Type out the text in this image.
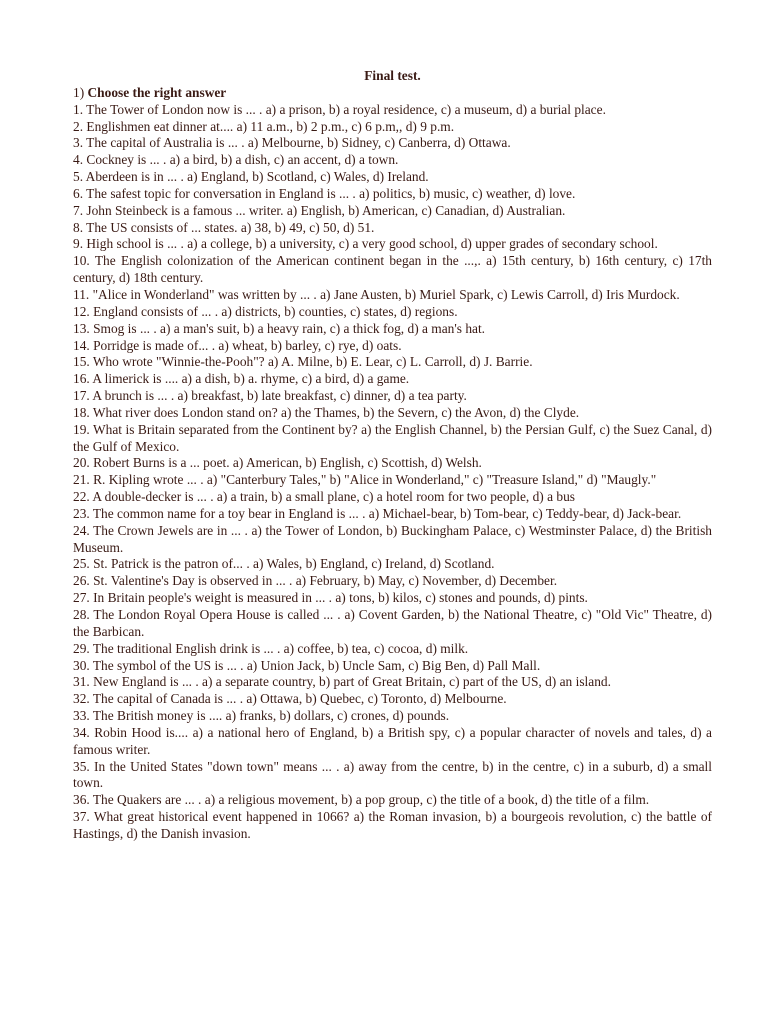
Final test.

1) Choose the right answer

1. The Tower of London now is ... . a) a prison, b) a royal residence, c) a museum, d) a burial place.

2. Englishmen eat dinner at.... a) 11 a.m., b) 2 p.m., c) 6 p.m,, d) 9 p.m.

3. The capital of Australia is ... . a) Melbourne, b) Sidney, c) Canberra, d) Ottawa.

4. Cockney is ... . a) a bird, b) a dish, c) an accent, d) a town.

5. Aberdeen is in ... . a) England, b) Scotland, c) Wales, d) Ireland.

6. The safest topic for conversation in England is ... . a) politics, b) music, c) weather, d) love.

7. John Steinbeck is a famous ... writer. a) English, b) American, c) Canadian, d) Australian.

8. The US consists of ... states. a) 38, b) 49, c) 50, d) 51.

9. High school is ... . a) a college, b) a university, c) a very good school, d) upper grades of secondary school.

10. The English colonization of the American continent began in the ...,. a) 15th century, b) 16th century, c) 17th century, d) 18th century.

11. "Alice in Wonderland" was written by ... . a) Jane Austen, b) Muriel Spark, c) Lewis Carroll, d) Iris Murdock.

12. England consists of ... . a) districts, b) counties, c) states, d) regions.

13. Smog is ... . a) a man's suit, b) a heavy rain, c) a thick fog, d) a man's hat.

14. Porridge is made of... . a) wheat, b) barley, c) rye, d) oats.

15. Who wrote "Winnie-the-Pooh"? a) A. Milne, b) E. Lear, c) L. Carroll, d) J. Barrie.

16. A limerick is .... a) a dish, b) a. rhyme, c) a bird, d) a game.

17. A brunch is ... . a) breakfast, b) late breakfast, c) dinner, d) a tea party.

18. What river does London stand on? a) the Thames, b) the Severn, c) the Avon, d) the Clyde.

19. What is Britain separated from the Continent by? a) the English Channel, b) the Persian Gulf, c) the Suez Canal, d) the Gulf of Mexico.

20. Robert Burns is a ... poet. a) American, b) English, c) Scottish, d) Welsh.

21. R. Kipling wrote ... . a) "Canterbury Tales," b) "Alice in Wonderland," c) "Treasure Island," d) "Maugly."

22. A double-decker is ... . a) a train, b) a small plane, c) a hotel room for two people, d) a bus

23. The common name for a toy bear in England is ... . a) Michael-bear, b) Tom-bear, c) Teddy-bear, d) Jack-bear.

24. The Crown Jewels are in ... . a) the Tower of London, b) Buckingham Palace, c) Westminster Palace, d) the British Museum.

25. St. Patrick is the patron of... . a) Wales, b) England, c) Ireland, d) Scotland.

26. St. Valentine's Day is observed in ... . a) February, b) May, c) November, d) December.

27. In Britain people's weight is measured in ... . a) tons, b) kilos, c) stones and pounds, d) pints.

28. The London Royal Opera House is called ... . a) Covent Garden, b) the National Theatre, c) "Old Vic" Theatre, d) the Barbican.

29. The traditional English drink is ... . a) coffee, b) tea, c) cocoa, d) milk.

30. The symbol of the US is ... . a) Union Jack, b) Uncle Sam, c) Big Ben, d) Pall Mall.

31. New England is ... . a) a separate country, b) part of Great Britain, c) part of the US, d) an island.

32. The capital of Canada is ... . a) Ottawa, b) Quebec, c) Toronto, d) Melbourne.

33. The British money is .... a) franks, b) dollars, c) crones, d) pounds.

34. Robin Hood is.... a) a national hero of England, b) a British spy, c) a popular character of novels and tales, d) a famous writer.

35. In the United States "down town" means ... . a) away from the centre, b) in the centre, c) in a suburb, d) a small town.

36. The Quakers are ... . a) a religious movement, b) a pop group, c) the title of a book, d) the title of a film.

37. What great historical event happened in 1066? a) the Roman invasion, b) a bourgeois revolution, c) the battle of Hastings, d) the Danish invasion.
